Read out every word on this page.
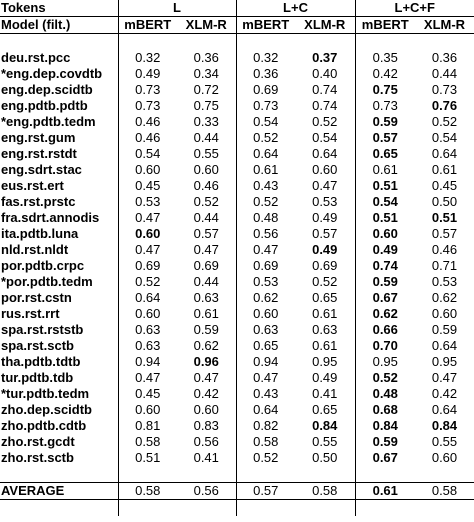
Tokens	L		L+C		L+C+F	
Model (filt.)	mBERT	XLM-R	mBERT	XLM-R	mBERT	XLM-R

deu.rst.pcc	0.32	0.36	0.32	0.37	0.35	0.36
*eng.dep.covdtb	0.49	0.34	0.36	0.40	0.42	0.44
eng.dep.scidtb	0.73	0.72	0.69	0.74	0.75	0.73
eng.pdtb.pdtb	0.73	0.75	0.73	0.74	0.73	0.76
*eng.pdtb.tedm	0.46	0.33	0.54	0.52	0.59	0.52
eng.rst.gum	0.46	0.44	0.52	0.54	0.57	0.54
eng.rst.rstdt	0.54	0.55	0.64	0.64	0.65	0.64
eng.sdrt.stac	0.60	0.60	0.61	0.60	0.61	0.61
eus.rst.ert	0.45	0.46	0.43	0.47	0.51	0.45
fas.rst.prstc	0.53	0.52	0.52	0.53	0.54	0.50
fra.sdrt.annodis	0.47	0.44	0.48	0.49	0.51	0.51
ita.pdtb.luna	0.60	0.57	0.56	0.57	0.60	0.57
nld.rst.nldt	0.47	0.47	0.47	0.49	0.49	0.46
por.pdtb.crpc	0.69	0.69	0.69	0.69	0.74	0.71
*por.pdtb.tedm	0.52	0.44	0.53	0.52	0.59	0.53
por.rst.cstn	0.64	0.63	0.62	0.65	0.67	0.62
rus.rst.rrt	0.60	0.61	0.60	0.61	0.62	0.60
spa.rst.rststb	0.63	0.59	0.63	0.63	0.66	0.59
spa.rst.sctb	0.63	0.62	0.65	0.61	0.70	0.64
tha.pdtb.tdtb	0.94	0.96	0.94	0.95	0.95	0.95
tur.pdtb.tdb	0.47	0.47	0.47	0.49	0.52	0.47
*tur.pdtb.tedm	0.45	0.42	0.43	0.41	0.48	0.42
zho.dep.scidtb	0.60	0.60	0.64	0.65	0.68	0.64
zho.pdtb.cdtb	0.81	0.83	0.82	0.84	0.84	0.84
zho.rst.gcdt	0.58	0.56	0.58	0.55	0.59	0.55
zho.rst.sctb	0.51	0.41	0.52	0.50	0.67	0.60

AVERAGE	0.58	0.56	0.57	0.58	0.61	0.58
